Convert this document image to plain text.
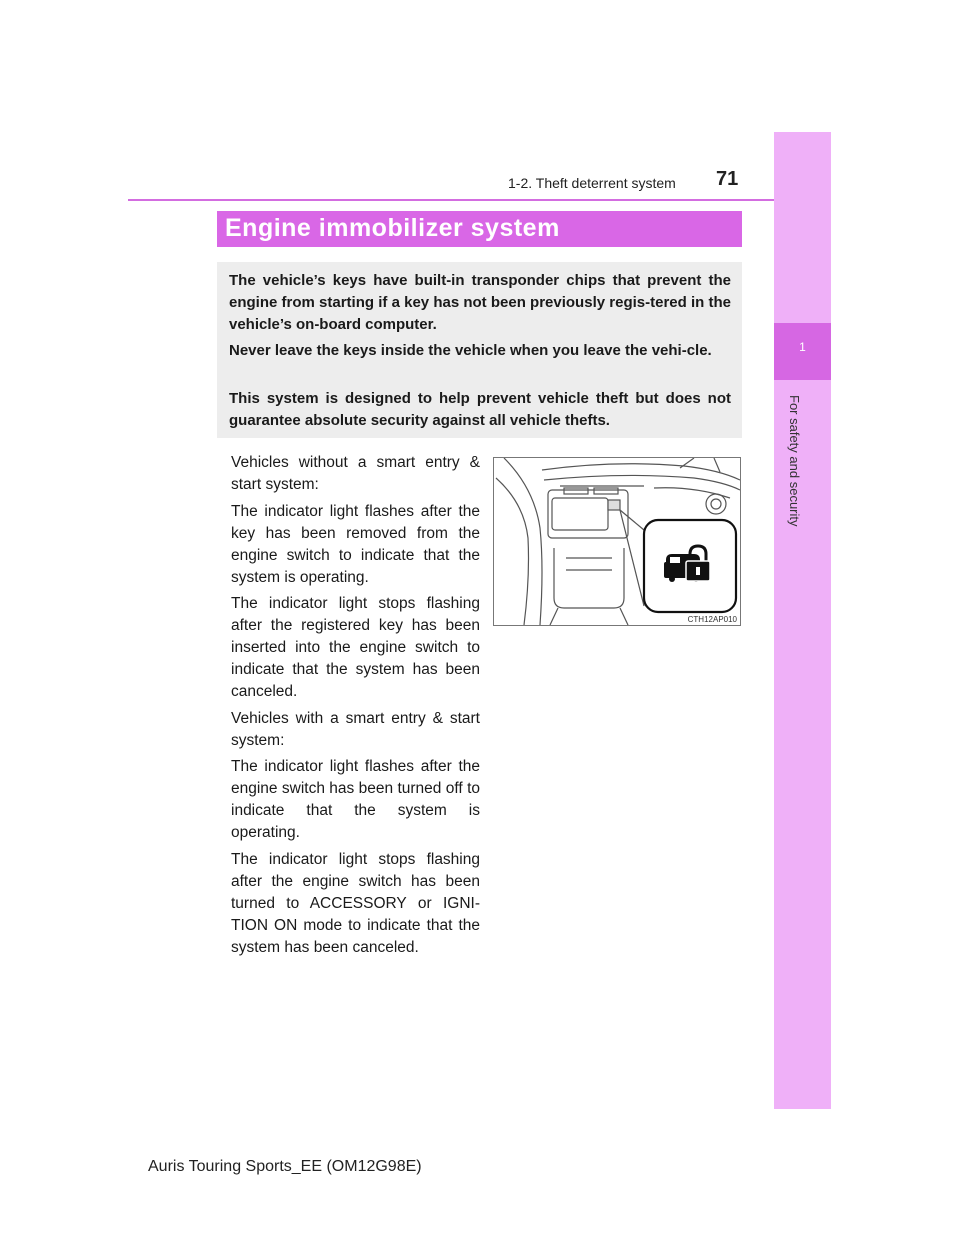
1-2. Theft deterrent system 71
1
For safety and security
Engine immobilizer system

The vehicle’s keys have built-in transponder chips that prevent the engine from starting if a key has not been previously regis-tered in the vehicle’s on-board computer.

Never leave the keys inside the vehicle when you leave the vehi-cle.

This system is designed to help prevent vehicle theft but does not guarantee absolute security against all vehicle thefts.

Vehicles without a smart entry & start system:

The indicator light flashes after the key has been removed from the engine switch to indicate that the system is operating.

The indicator light stops flashing after the registered key has been inserted into the engine switch to indicate that the system has been canceled.

Vehicles with a smart entry & start system:

The indicator light flashes after the engine switch has been turned off to indicate that the system is operating.

The indicator light stops flashing after the engine switch has been turned to ACCESSORY or IGNI-TION ON mode to indicate that the system has been canceled.

CTH12AP010
Auris Touring Sports_EE (OM12G98E)
